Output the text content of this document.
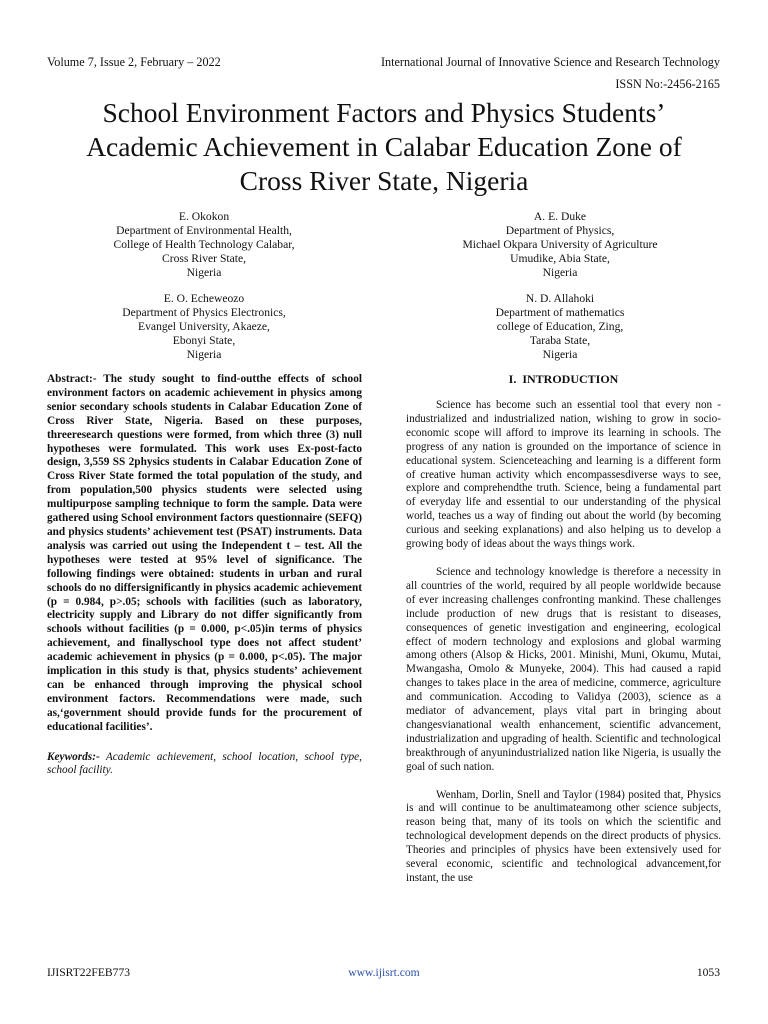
Volume 7, Issue 2, February – 2022	International Journal of Innovative Science and Research Technology
ISSN No:-2456-2165
School Environment Factors and Physics Students’
Academic Achievement in Calabar Education Zone of
Cross River State, Nigeria
E. Okokon
Department of Environmental Health,
College of Health Technology Calabar,
Cross River State,
Nigeria
A. E. Duke
Department of Physics,
Michael Okpara University of Agriculture
Umudike, Abia State,
Nigeria
E. O. Echeweozo
Department of Physics Electronics,
Evangel University, Akaeze,
Ebonyi State,
Nigeria
N. D. Allahoki
Department of mathematics
college of Education, Zing,
Taraba State,
Nigeria

Abstract:- The study sought to find-outthe effects of school environment factors on academic achievement in physics among senior secondary schools students in Calabar Education Zone of Cross River State, Nigeria. Based on these purposes, threeresearch questions were formed, from which three (3) null hypotheses were formulated. This work uses Ex-post-facto design, 3,559 SS 2physics students in Calabar Education Zone of Cross River State formed the total population of the study, and from population,500 physics students were selected using multipurpose sampling technique to form the sample. Data were gathered using School environment factors questionnaire (SEFQ) and physics students’ achievement test (PSAT) instruments. Data analysis was carried out using the Independent t – test. All the hypotheses were tested at 95% level of significance. The following findings were obtained: students in urban and rural schools do no differsignificantly in physics academic achievement (p = 0.984, p>.05; schools with facilities (such as laboratory, electricity supply and Library do not differ significantly from schools without facilities (p = 0.000, p<.05)in terms of physics achievement, and finallyschool type does not affect student’ academic achievement in physics (p = 0.000, p<.05). The major implication in this study is that, physics students’ achievement can be enhanced through improving the physical school environment factors. Recommendations were made, such as,‘government should provide funds for the procurement of educational facilities’.

Keywords:- Academic achievement, school location, school type, school facility.

I.  INTRODUCTION

Science has become such an essential tool that every non -industrialized and industrialized nation, wishing to grow in socio-economic scope will afford to improve its learning in schools. The progress of any nation is grounded on the importance of science in educational system. Scienceteaching and learning is a different form of creative human activity which encompassesdiverse ways to see, explore and comprehendthe truth. Science, being a fundamental part of everyday life and essential to our understanding of the physical world, teaches us a way of finding out about the world (by becoming curious and seeking explanations) and also helping us to develop a growing body of ideas about the ways things work.

Science and technology knowledge is therefore a necessity in all countries of the world, required by all people worldwide because of ever increasing challenges confronting mankind. These challenges include production of new drugs that is resistant to diseases, consequences of genetic investigation and engineering, ecological effect of modern technology and explosions and global warming among others (Alsop & Hicks, 2001. Minishi, Muni, Okumu, Mutai, Mwangasha, Omolo & Munyeke, 2004). This had caused a rapid changes to takes place in the area of medicine, commerce, agriculture and communication. Accoding to Validya (2003), science as a mediator of advancement, plays vital part in bringing about changesvianational wealth enhancement, scientific advancement, industrialization and upgrading of health. Scientific and technological breakthrough of anyunindustrialized nation like Nigeria, is usually the goal of such nation.

Wenham, Dorlin, Snell and Taylor (1984) posited that, Physics is and will continue to be anultimateamong other science subjects, reason being that, many of its tools on which the scientific and technological development depends on the direct products of physics. Theories and principles of physics have been extensively used for several economic, scientific and technological advancement,for instant, the use

IJISRT22FEB773	www.ijisrt.com	1053
